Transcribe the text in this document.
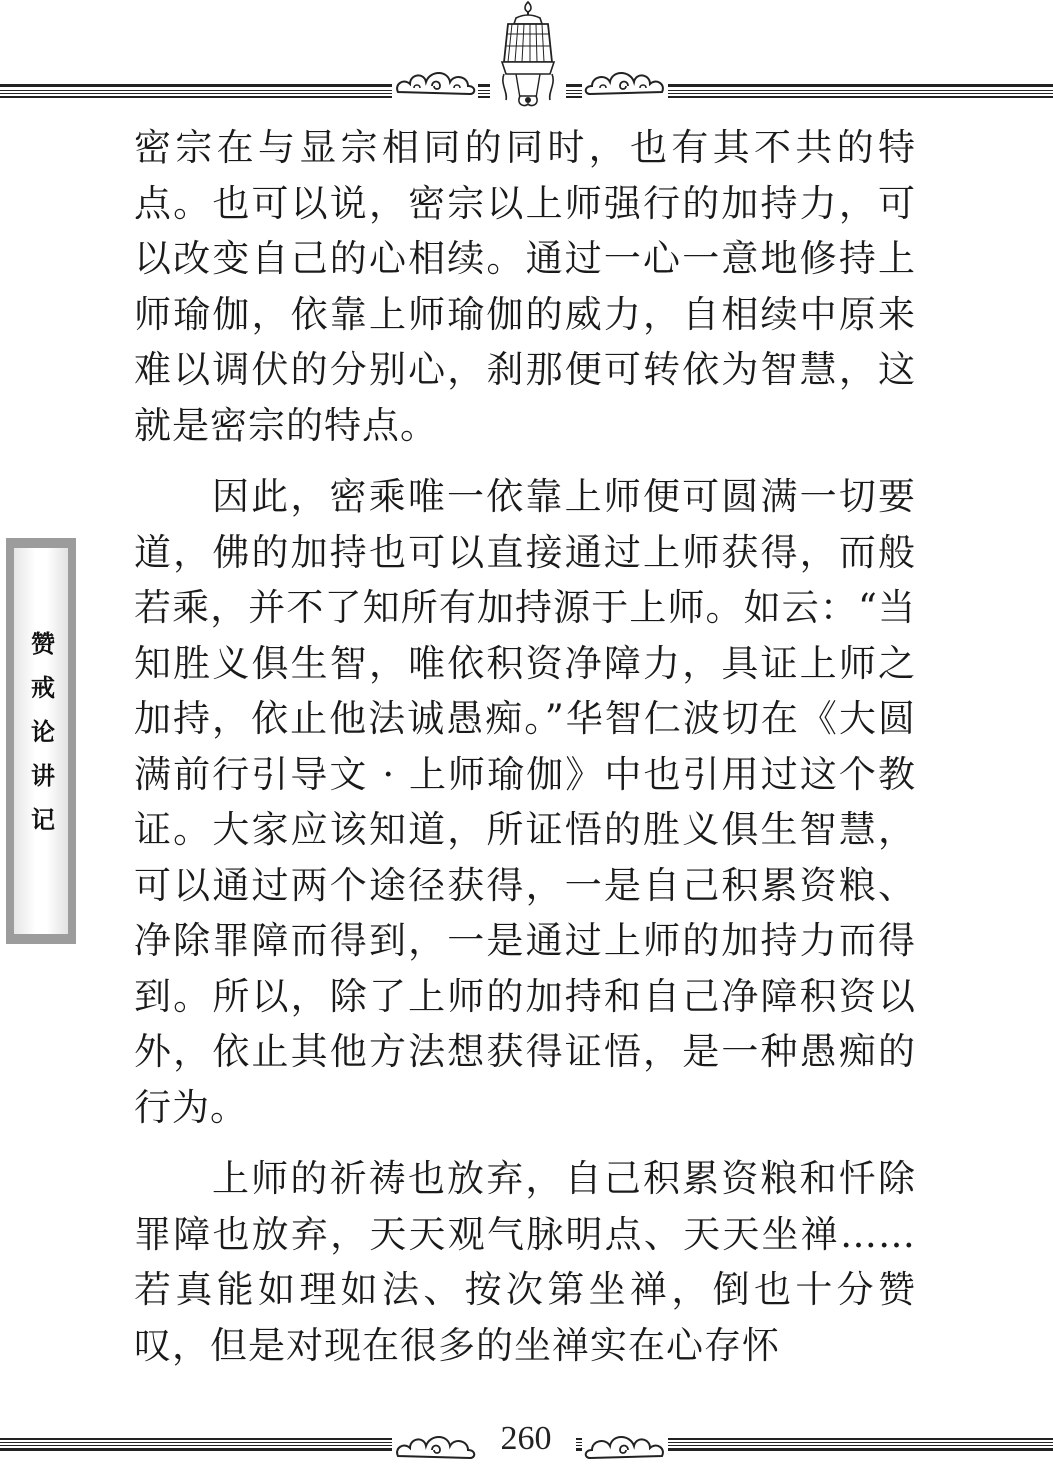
赞戒论讲记

密宗在与显宗相同的同时，也有其不共的特点。也可以说，密宗以上师强行的加持力，可以改变自己的心相续。通过一心一意地修持上师瑜伽，依靠上师瑜伽的威力，自相续中原来难以调伏的分别心，刹那便可转依为智慧，这就是密宗的特点。

因此，密乘唯一依靠上师便可圆满一切要道，佛的加持也可以直接通过上师获得，而般若乘，并不了知所有加持源于上师。如云：“当知胜义俱生智，唯依积资净障力，具证上师之加持，依止他法诚愚痴。”华智仁波切在《大圆满前行引导文 · 上师瑜伽》中也引用过这个教证。大家应该知道，所证悟的胜义俱生智慧，可以通过两个途径获得，一是自己积累资粮、净除罪障而得到，一是通过上师的加持力而得到。所以，除了上师的加持和自己净障积资以外，依止其他方法想获得证悟，是一种愚痴的行为。

上师的祈祷也放弃，自己积累资粮和忏除罪障也放弃，天天观气脉明点、天天坐禅……若真能如理如法、按次第坐禅，倒也十分赞叹，但是对现在很多的坐禅实在心存怀

260
